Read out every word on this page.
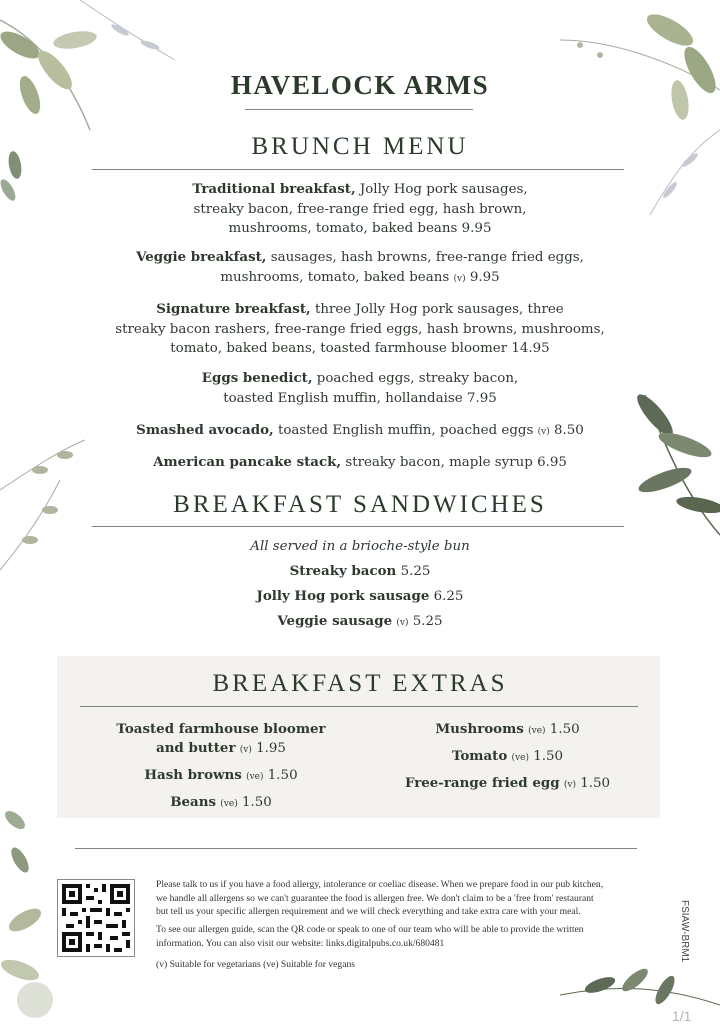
HAVELOCK ARMS
BRUNCH MENU
Traditional breakfast, Jolly Hog pork sausages,
streaky bacon, free-range fried egg, hash brown,
mushrooms, tomato, baked beans 9.95
Veggie breakfast, sausages, hash browns, free-range fried eggs,
mushrooms, tomato, baked beans (v) 9.95
Signature breakfast, three Jolly Hog pork sausages, three
streaky bacon rashers, free-range fried eggs, hash browns, mushrooms,
tomato, baked beans, toasted farmhouse bloomer 14.95
Eggs benedict, poached eggs, streaky bacon,
toasted English muffin, hollandaise 7.95
Smashed avocado, toasted English muffin, poached eggs (v) 8.50
American pancake stack, streaky bacon, maple syrup 6.95
BREAKFAST SANDWICHES
All served in a brioche-style bun
Streaky bacon 5.25
Jolly Hog pork sausage 6.25
Veggie sausage (v) 5.25
BREAKFAST EXTRAS
Toasted farmhouse bloomer
and butter (v) 1.95
Hash browns (ve) 1.50
Beans (ve) 1.50
Mushrooms (ve) 1.50
Tomato (ve) 1.50
Free-range fried egg (v) 1.50
Please talk to us if you have a food allergy, intolerance or coeliac disease. When we prepare food in our pub kitchen,
we handle all allergens so we can't guarantee the food is allergen free. We don't claim to be a 'free from' restaurant
but tell us your specific allergen requirement and we will check everything and take extra care with your meal.
To see our allergen guide, scan the QR code or speak to one of our team who will be able to provide the written
information. You can also visit our website: links.digitalpubs.co.uk/680481
(v) Suitable for vegetarians (ve) Suitable for vegans
FSIAW-BRM1
1/1
